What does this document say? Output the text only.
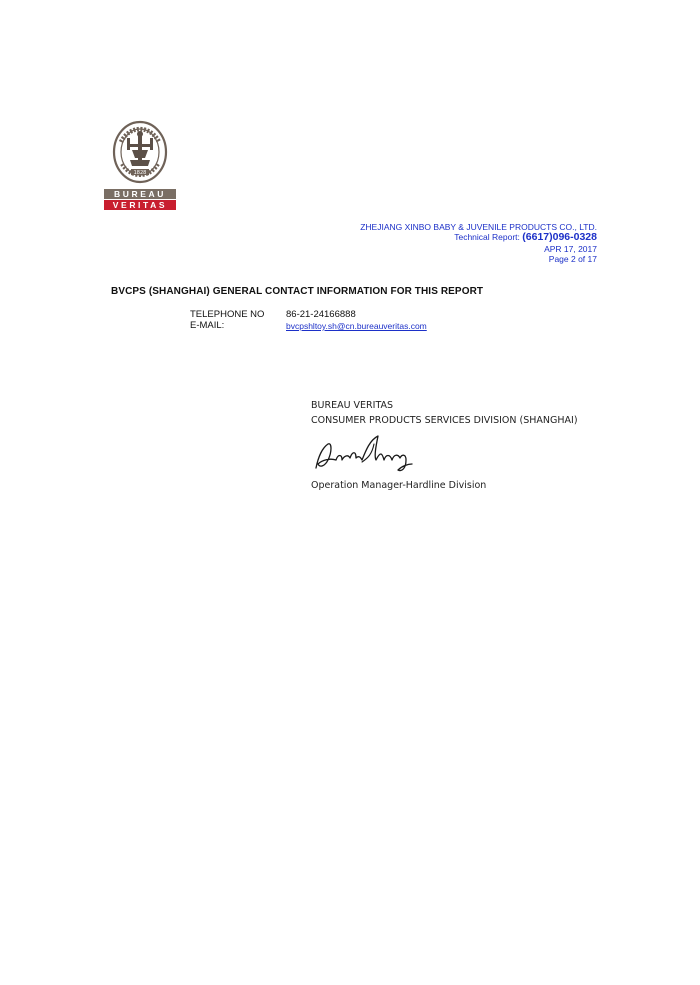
1828
BUREAU
VERITAS
ZHEJIANG XINBO BABY & JUVENILE PRODUCTS CO., LTD.
Technical Report: (6617)096-0328
APR 17, 2017
Page 2 of 17
BVCPS (SHANGHAI) GENERAL CONTACT INFORMATION FOR THIS REPORT
TELEPHONE NO 86-21-24166888
E-MAIL:	bvcpshltoy.sh@cn.bureauveritas.com
BUREAU VERITAS
CONSUMER PRODUCTS SERVICES DIVISION (SHANGHAI)
Operation Manager-Hardline Division
